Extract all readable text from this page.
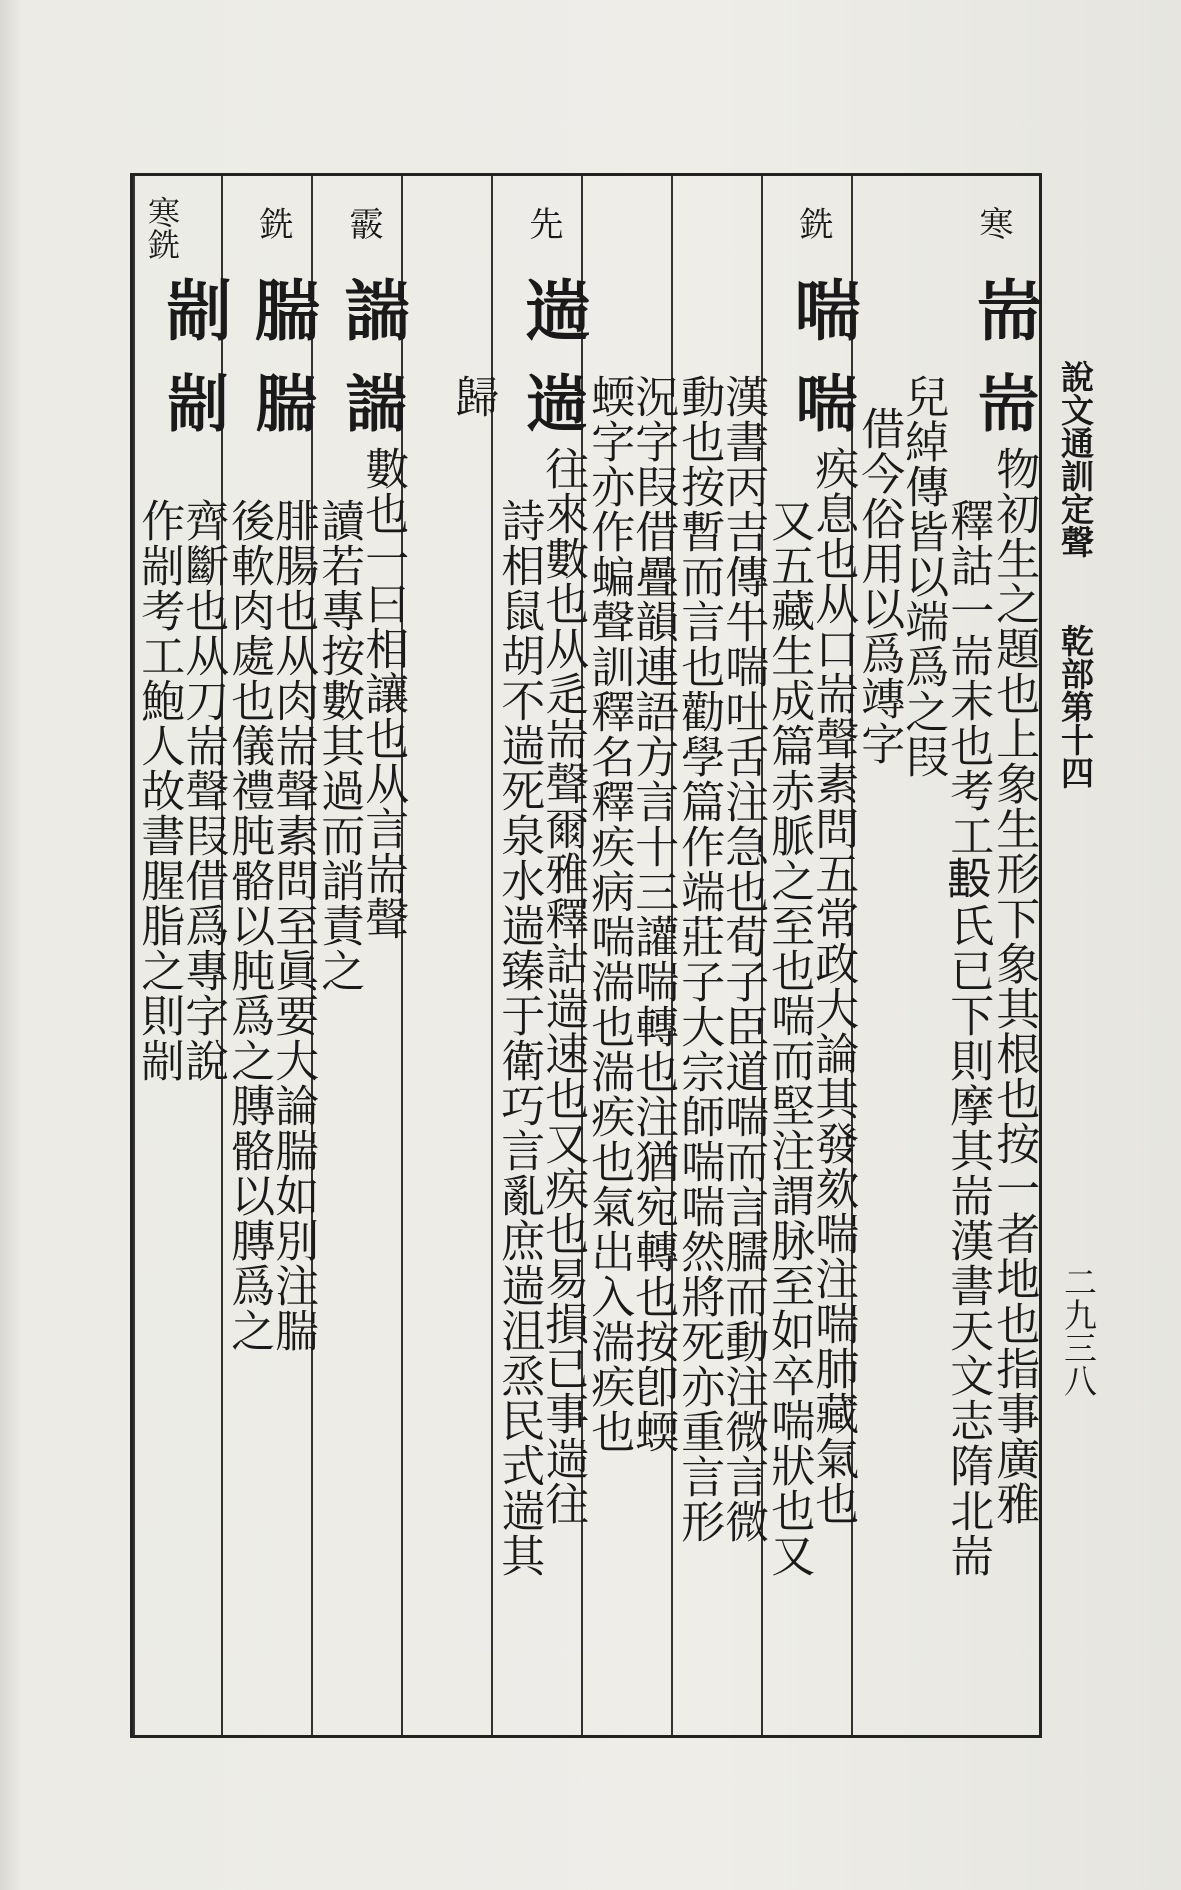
說文通訓定聲　　乾部第十四
二九三八
寒
耑
耑
物初生之題也上象生形下象其根也按一者地也指事廣雅
釋詁一耑末也考工𣪠氏已下則摩其耑漢書天文志隋北耑
兒綽傳皆以端爲之叚
借今俗用以爲竱字
銑
喘
喘
疾息也从口耑聲素問五常政大論其發欬喘注喘肺藏氣也
又五藏生成篇赤脈之至也喘而堅注謂脉至如卒喘狀也又
漢書丙吉傳牛喘吐舌注急也荀子臣道喘而言臑而動注微言微
動也按暫而言也勸學篇作端莊子大宗師喘喘然將死亦重言形
況字叚借疊韻連語方言十三讙喘轉也注猶宛轉也按卽蝡
蝡字亦作蝙聲訓釋名釋疾病喘湍也湍疾也氣出入湍疾也
先
遄
遄
往來數也从辵耑聲爾雅釋詁遄速也又疾也易損已事遄往
詩相鼠胡不遄死泉水遄臻于衛巧言亂庶遄沮烝民式遄其
歸
霰
諯
諯
數也一曰相讓也从言耑聲
讀若專按數其過而誚責之
銑
腨
腨
腓腸也从肉耑聲素問至眞要大論腨如別注腨
後軟肉處也儀禮肫骼以肫爲之膞骼以膞爲之
寒銑
剬
剬
齊斷也从刀耑聲叚借爲專字說
作剬考工鮑人故書腥脂之則剬
